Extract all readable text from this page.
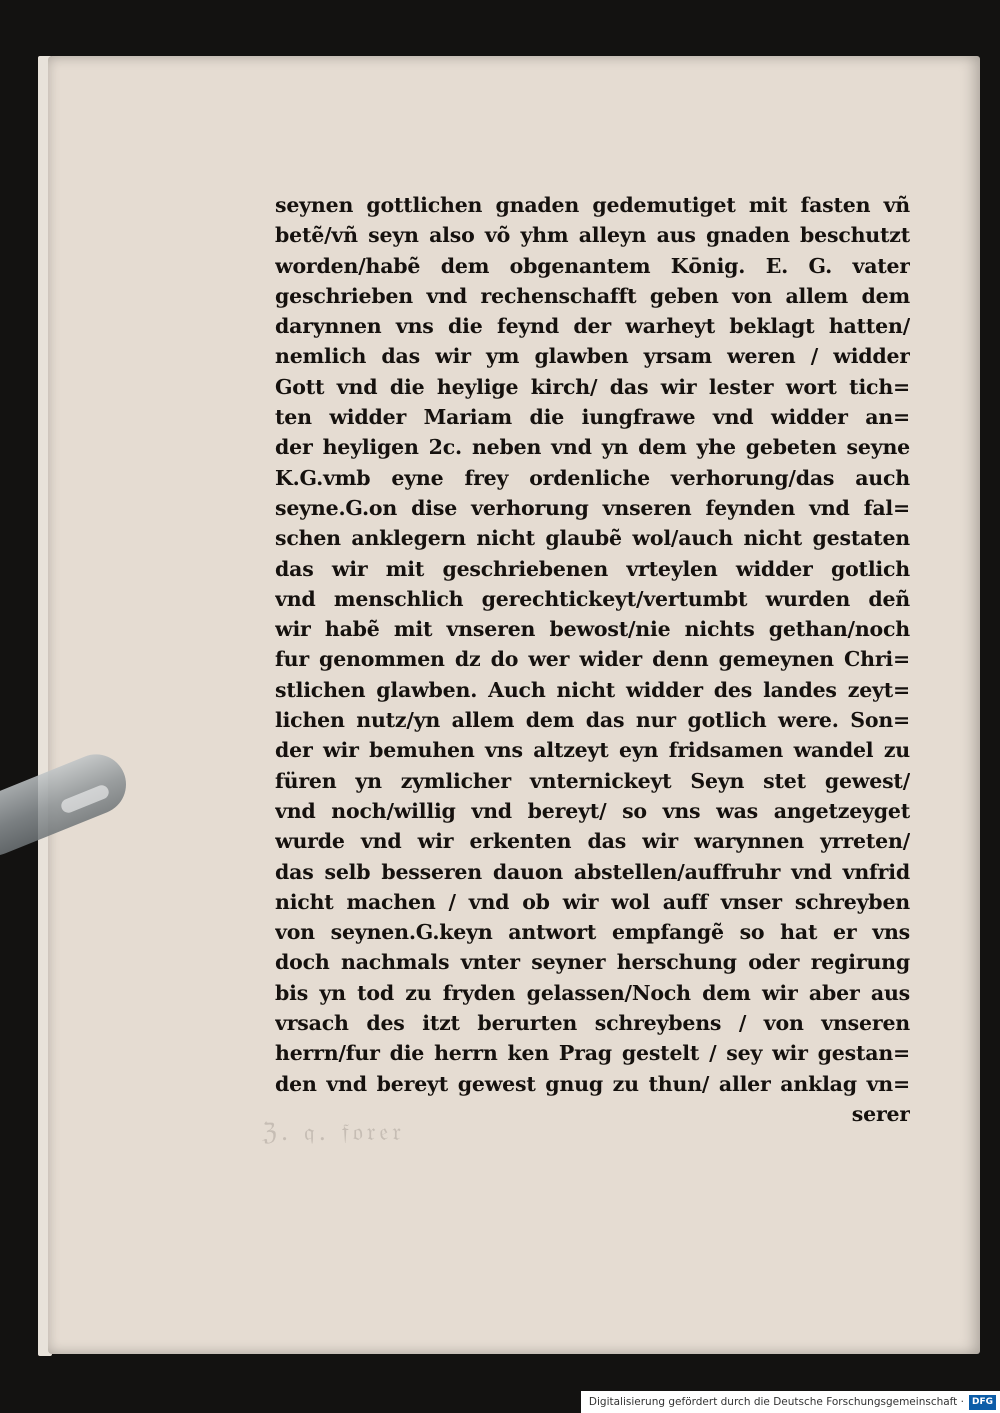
seynen gottlichen gnaden gedemutiget mit fasten vñ
betẽ/vñ seyn also võ yhm alleyn aus gnaden beschutzt
worden/habẽ dem obgenantem Kōnig. E. G. vater
geschrieben vnd rechenschafft geben von allem dem
darynnen vns die feynd der warheyt beklagt hatten/
nemlich das wir ym glawben yrsam weren / widder
Gott vnd die heylige kirch/ das wir lester wort tich=
ten widder Mariam die iungfrawe vnd widder an=
der heyligen 2c. neben vnd yn dem yhe gebeten seyne
K.G.vmb eyne frey ordenliche verhorung/das auch
seyne.G.on dise verhorung vnseren feynden vnd fal=
schen anklegern nicht glaubẽ wol/auch nicht gestaten
das wir mit geschriebenen vrteylen widder gotlich
vnd menschlich gerechtickeyt/vertumbt wurden deñ
wir habẽ mit vnseren bewost/nie nichts gethan/noch
fur genommen dz do wer wider denn gemeynen Chri=
stlichen glawben. Auch nicht widder des landes zeyt=
lichen nutz/yn allem dem das nur gotlich were. Son=
der wir bemuhen vns altzeyt eyn fridsamen wandel zu
füren yn zymlicher vnternickeyt Seyn stet gewest/
vnd noch/willig vnd bereyt/ so vns was angetzeyget
wurde vnd wir erkenten das wir warynnen yrreten/
das selb besseren dauon abstellen/auffruhr vnd vnfrid
nicht machen / vnd ob wir wol auff vnser schreyben
von seynen.G.keyn antwort empfangẽ so hat er vns
doch nachmals vnter seyner herschung oder regirung
bis yn tod zu fryden gelassen/Noch dem wir aber aus
vrsach des itzt berurten schreybens / von vnseren
herrn/fur die herrn ken Prag gestelt / sey wir gestan=
den vnd bereyt gewest gnug zu thun/ aller anklag vn=
serer
ℨ. 𝔮. 𝔣𝔬𝔯𝔢𝔯
Digitalisierung gefördert durch die Deutsche Forschungsgemeinschaft · DFG
